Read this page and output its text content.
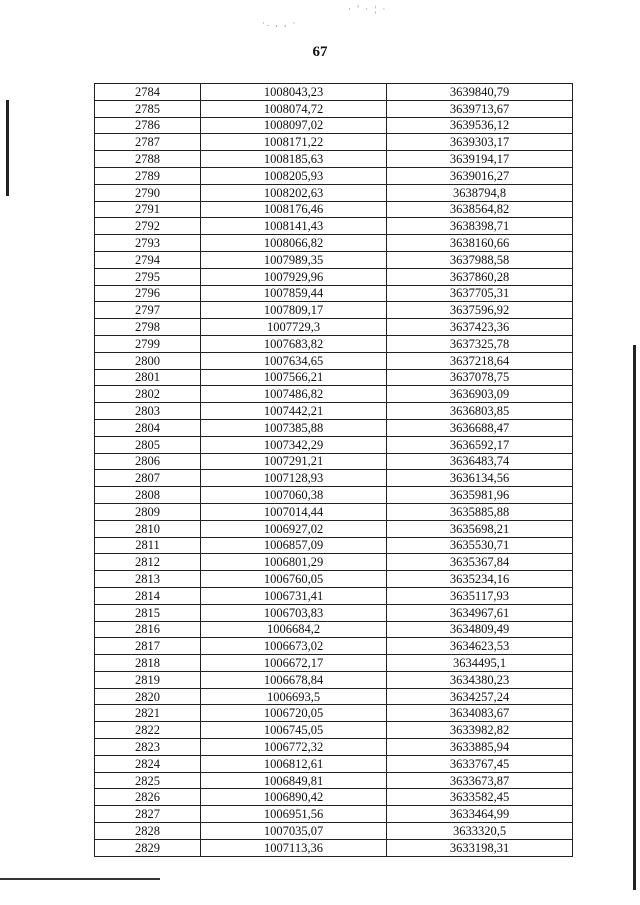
· ' · ¦ ·
·. , , ·
67
2784	1008043,23	3639840,79
2785	1008074,72	3639713,67
2786	1008097,02	3639536,12
2787	1008171,22	3639303,17
2788	1008185,63	3639194,17
2789	1008205,93	3639016,27
2790	1008202,63	3638794,8
2791	1008176,46	3638564,82
2792	1008141,43	3638398,71
2793	1008066,82	3638160,66
2794	1007989,35	3637988,58
2795	1007929,96	3637860,28
2796	1007859,44	3637705,31
2797	1007809,17	3637596,92
2798	1007729,3	3637423,36
2799	1007683,82	3637325,78
2800	1007634,65	3637218,64
2801	1007566,21	3637078,75
2802	1007486,82	3636903,09
2803	1007442,21	3636803,85
2804	1007385,88	3636688,47
2805	1007342,29	3636592,17
2806	1007291,21	3636483,74
2807	1007128,93	3636134,56
2808	1007060,38	3635981,96
2809	1007014,44	3635885,88
2810	1006927,02	3635698,21
2811	1006857,09	3635530,71
2812	1006801,29	3635367,84
2813	1006760,05	3635234,16
2814	1006731,41	3635117,93
2815	1006703,83	3634967,61
2816	1006684,2	3634809,49
2817	1006673,02	3634623,53
2818	1006672,17	3634495,1
2819	1006678,84	3634380,23
2820	1006693,5	3634257,24
2821	1006720,05	3634083,67
2822	1006745,05	3633982,82
2823	1006772,32	3633885,94
2824	1006812,61	3633767,45
2825	1006849,81	3633673,87
2826	1006890,42	3633582,45
2827	1006951,56	3633464,99
2828	1007035,07	3633320,5
2829	1007113,36	3633198,31
